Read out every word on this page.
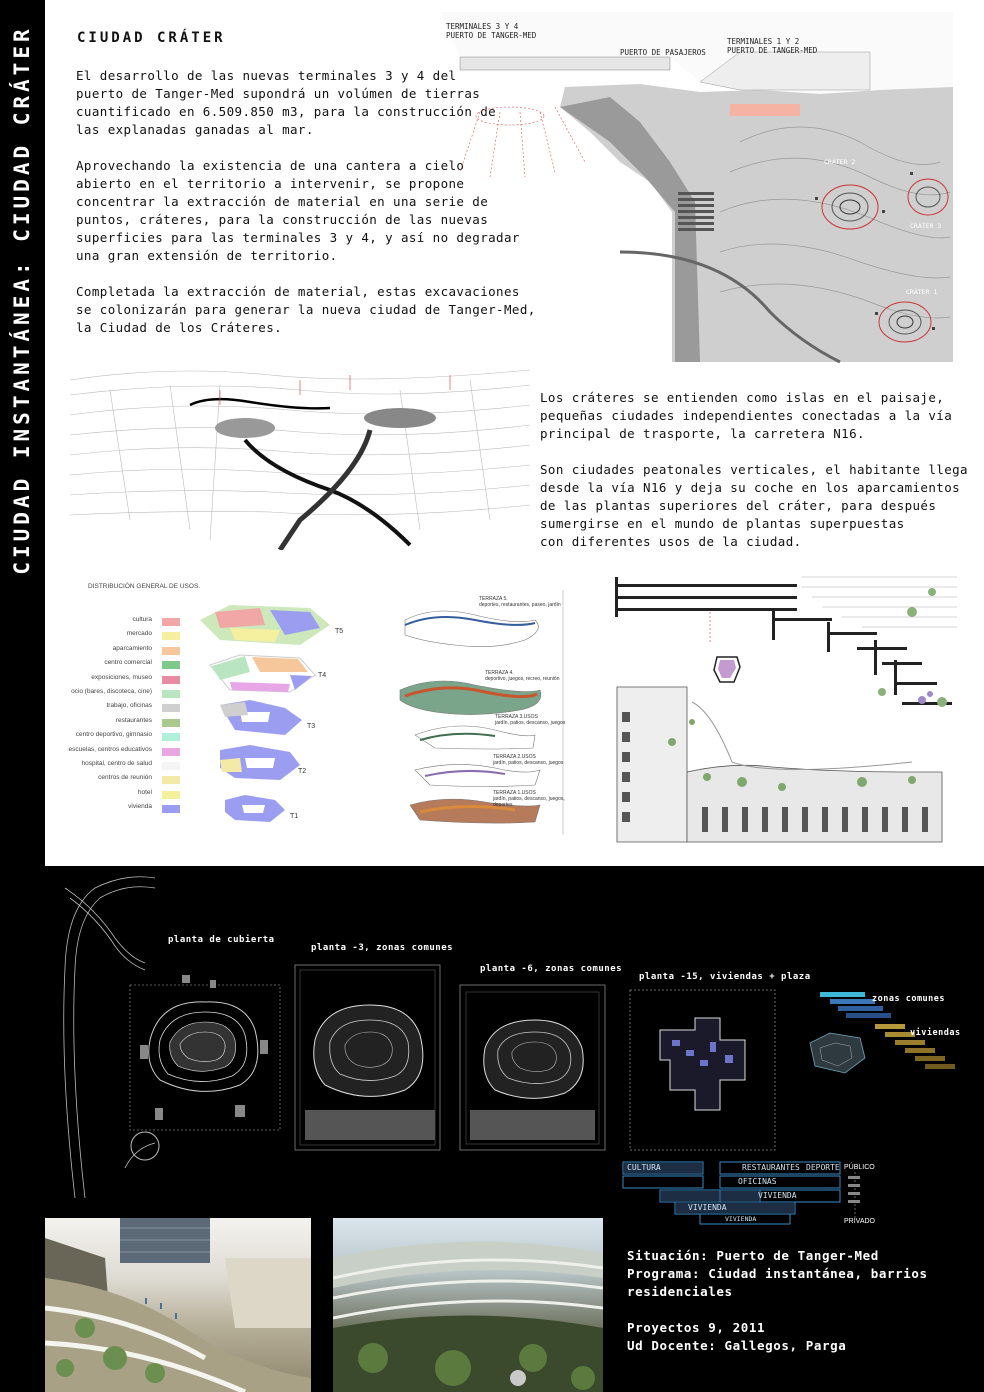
CIUDAD INSTANTÁNEA: CIUDAD CRÁTER	CIUDAD CRÁTER
El desarrollo de las nuevas terminales 3 y 4 del
puerto de Tanger-Med supondrá un volúmen de tierras
cuantificado en 6.509.850 m3, para la construcción de
las explanadas ganadas al mar.
Aprovechando la existencia de una cantera a cielo
abierto en el territorio a intervenir, se propone
concentrar la extracción de material en una serie de
puntos, cráteres, para la construcción de las nuevas
superficies para las terminales 3 y 4, y así no degradar
una gran extensión de territorio.
Completada la extracción de material, estas excavaciones
se colonizarán para generar la nueva ciudad de Tanger-Med,
la Ciudad de los Cráteres.
TERMINALES 3 Y 4
PUERTO DE TANGER-MED
PUERTO DE PASAJEROS
TERMINALES 1 Y 2
PUERTO DE TANGER-MED
CRÁTER 2
CRÁTER 3
CRÁTER 1
Los cráteres se entienden como islas en el paisaje,
pequeñas ciudades independientes conectadas a la vía
principal de trasporte, la carretera N16.
Son ciudades peatonales verticales, el habitante llega
desde la vía N16 y deja su coche en los aparcamientos
de las plantas superiores del cráter, para después
sumergirse en el mundo de plantas superpuestas
con diferentes usos de la ciudad.
DISTRIBUCIÓN GENERAL DE USOS.
cultura
mercado
aparcamiento
centro comercial
exposiciones, museo
ocio (bares, discoteca, cine)
trabajo, oficinas
restaurantes
centro deportivo, gimnasio
escuelas, centros educativos
hospital, centro de salud
centros de reunión
hotel
vivienda
T5
T4
T3
T2
T1
TERRAZA 5.
deportes, restaurantes, paseo, jardín
TERRAZA 4.
deportivo, juegos, recreo, reunión
TERRAZA 3.USOS
jardín, patios, descanso, juegos
TERRAZA 2.USOS
jardín, patios, descanso, juegos
TERRAZA 1.USOS
jardín, patios, descanso, juegos, deportes
planta de cubierta
planta -3, zonas comunes
planta -6, zonas comunes
planta -15, viviendas + plaza
zonas comunes
viviendas
CULTURA	RESTAURANTES DEPORTE
OFICINAS
VIVIENDA
VIVIENDA
VIVIENDA
PÚBLICO
PRIVADO
Situación: Puerto de Tanger-Med
Programa: Ciudad instantánea, barrios
residenciales
Proyectos 9, 2011
Ud Docente: Gallegos, Parga
